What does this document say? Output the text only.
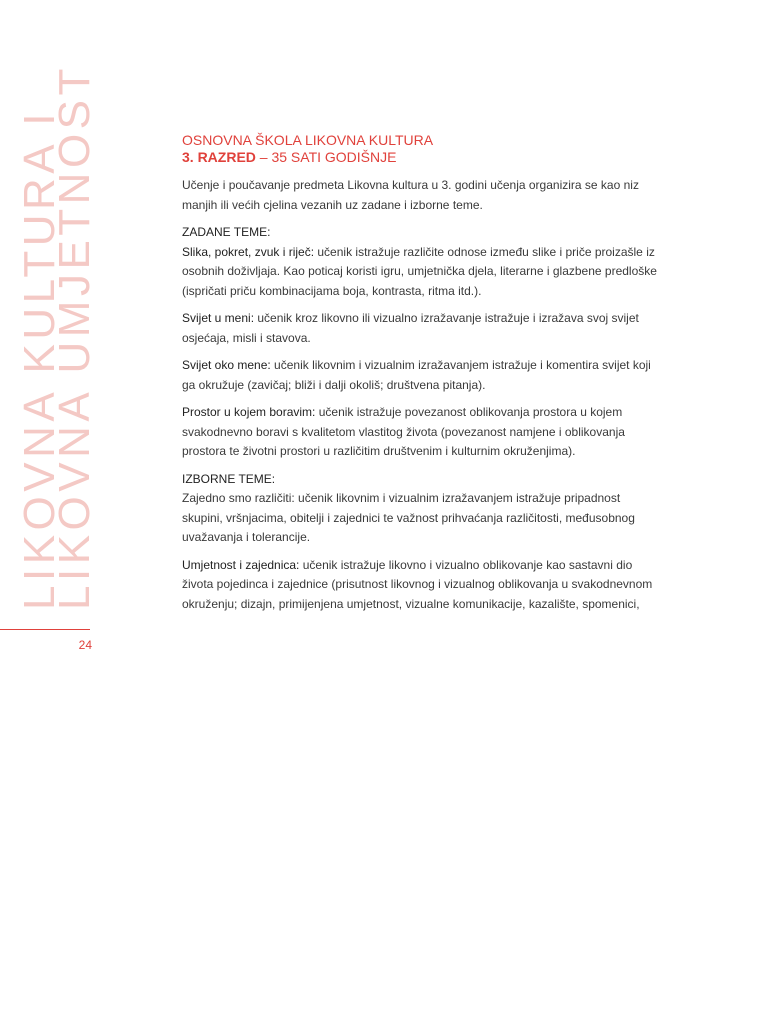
LIKOVNA KULTURA I
LIKOVNA UMJETNOST
24
OSNOVNA ŠKOLA LIKOVNA KULTURA
3. RAZRED – 35 SATI GODIŠNJE

Učenje i poučavanje predmeta Likovna kultura u 3. godini učenja organizira se kao niz manjih ili većih cjelina vezanih uz zadane i izborne teme.

ZADANE TEME:

Slika, pokret, zvuk i riječ: učenik istražuje različite odnose između slike i priče proizašle iz osobnih doživljaja. Kao poticaj koristi igru, umjetnička djela, literarne i glazbene predloške (ispričati priču kombinacijama boja, kontrasta, ritma itd.).

Svijet u meni: učenik kroz likovno ili vizualno izražavanje istražuje i izražava svoj svijet osjećaja, misli i stavova.

Svijet oko mene: učenik likovnim i vizualnim izražavanjem istražuje i komentira svijet koji ga okružuje (zavičaj; bliži i dalji okoliš; društvena pitanja).

Prostor u kojem boravim: učenik istražuje povezanost oblikovanja prostora u kojem svakodnevno boravi s kvalitetom vlastitog života (povezanost namjene i oblikovanja prostora te životni prostori u različitim društvenim i kulturnim okruženjima).

IZBORNE TEME:

Zajedno smo različiti: učenik likovnim i vizualnim izražavanjem istražuje pripadnost skupini, vršnjacima, obitelji i zajednici te važnost prihvaćanja različitosti, međusobnog uvažavanja i tolerancije.

Umjetnost i zajednica: učenik istražuje likovno i vizualno oblikovanje kao sastavni dio života pojedinca i zajednice (prisutnost likovnog i vizualnog oblikovanja u svakodnevnom okruženju; dizajn, primijenjena umjetnost, vizualne komunikacije, kazalište, spomenici,
